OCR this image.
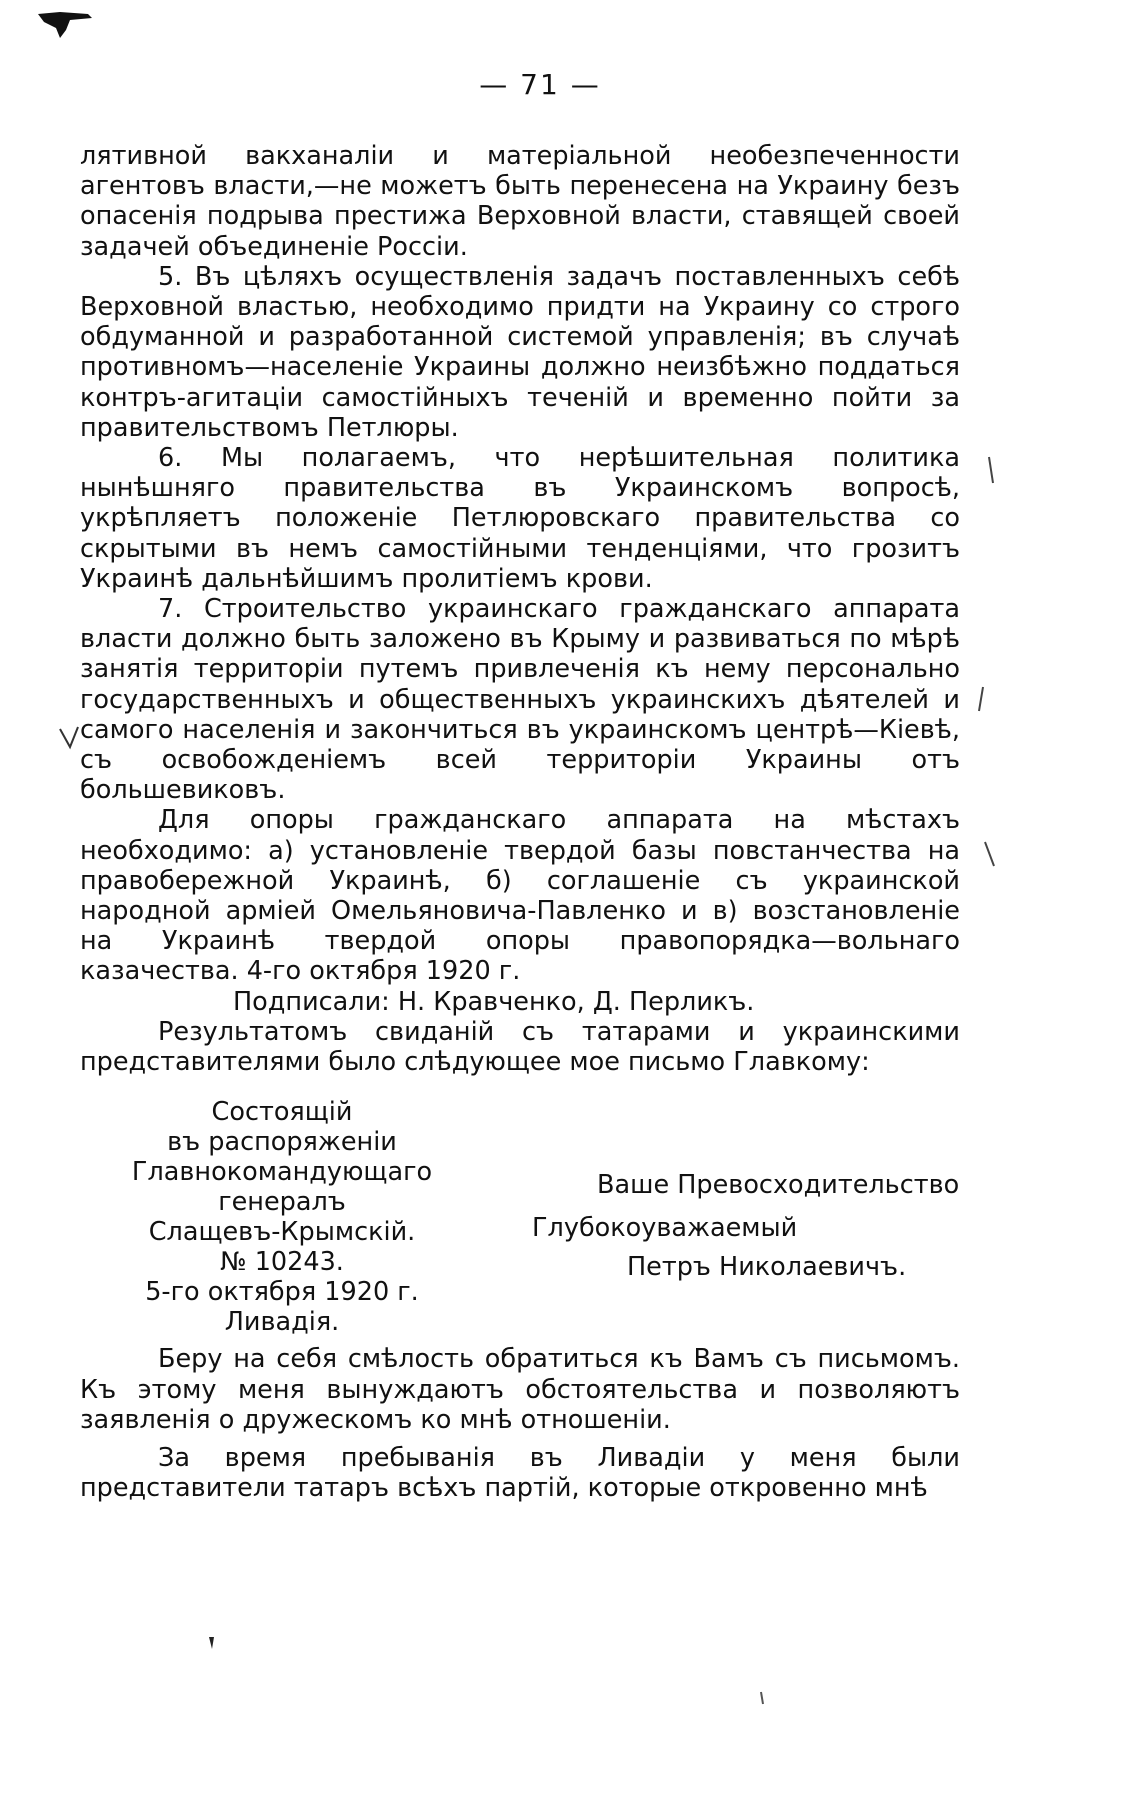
— 71 —

лятивной вакханаліи и матеріальной необезпеченности агентовъ власти,—не можетъ быть перенесена на Украину безъ опасенія подрыва престижа Верховной власти, ставящей своей задачей объединеніе Россіи.

5. Въ цѣляхъ осуществленія задачъ поставленныхъ себѣ Верховной властью, необходимо придти на Украину со строго обдуманной и разработанной системой управленія; въ случаѣ противномъ—населеніе Украины должно неизбѣжно поддаться контръ-агитаціи самостійныхъ теченій и временно пойти за правительствомъ Петлюры.

6. Мы полагаемъ, что нерѣшительная политика нынѣшняго правительства въ Украинскомъ вопросѣ, укрѣпляетъ положеніе Петлюровскаго правительства со скрытыми въ немъ самостійными тенденціями, что грозитъ Украинѣ дальнѣйшимъ пролитіемъ крови.

7. Строительство украинскаго гражданскаго аппарата власти должно быть заложено въ Крыму и развиваться по мѣрѣ занятія территоріи путемъ привлеченія къ нему персонально государственныхъ и общественныхъ украинскихъ дѣятелей и самого населенія и закончиться въ украинскомъ центрѣ—Кіевѣ, съ освобожденіемъ всей территоріи Украины отъ большевиковъ.

Для опоры гражданскаго аппарата на мѣстахъ необходимо: а) установленіе твердой базы повстанчества на правобережной Украинѣ, б) соглашеніе съ украинской народной арміей Омельяновича-Павленко и в) возстановленіе на Украинѣ твердой опоры правопорядка—вольнаго казачества. 4-го октября 1920 г.

Подписали: Н. Кравченко, Д. Перликъ.

Результатомъ свиданій съ татарами и украинскими представителями было слѣдующее мое письмо Главкому:

Состоящій
въ распоряженіи
Главнокомандующаго
генералъ
Слащевъ-Крымскій.
№ 10243.
5-го октября 1920 г.
Ливадія.
Ваше Превосходительство
Глубокоуважаемый
Петръ Николаевичъ.

Беру на себя смѣлость обратиться къ Вамъ съ письмомъ. Къ этому меня вынуждаютъ обстоятельства и позволяютъ заявленія о дружескомъ ко мнѣ отношеніи.

За время пребыванія въ Ливадіи у меня были представители татаръ всѣхъ партій, которые откровенно мнѣ
